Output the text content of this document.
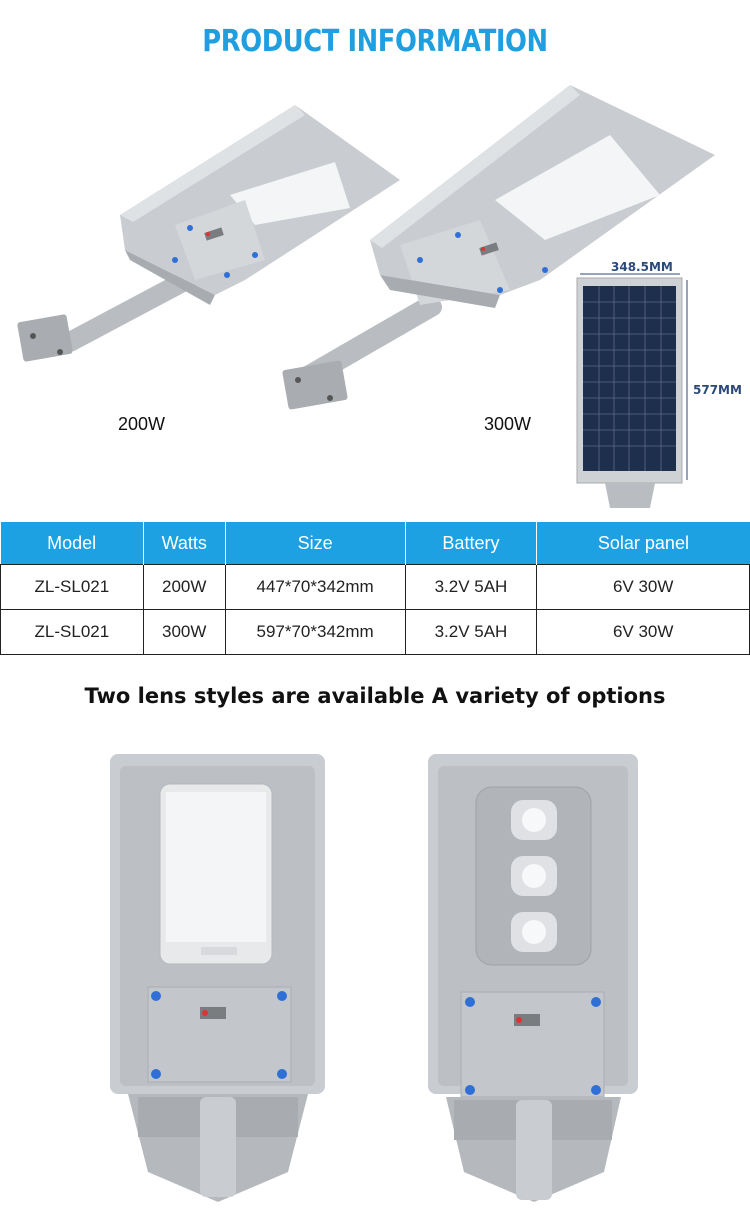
PRODUCT INFORMATION
348.5MM
577MM
200W	300W
Model	Watts	Size	Battery	Solar panel
ZL-SL021	200W	447*70*342mm	3.2V 5AH	6V 30W
ZL-SL021	300W	597*70*342mm	3.2V 5AH	6V 30W
Two lens styles are available A variety of options
